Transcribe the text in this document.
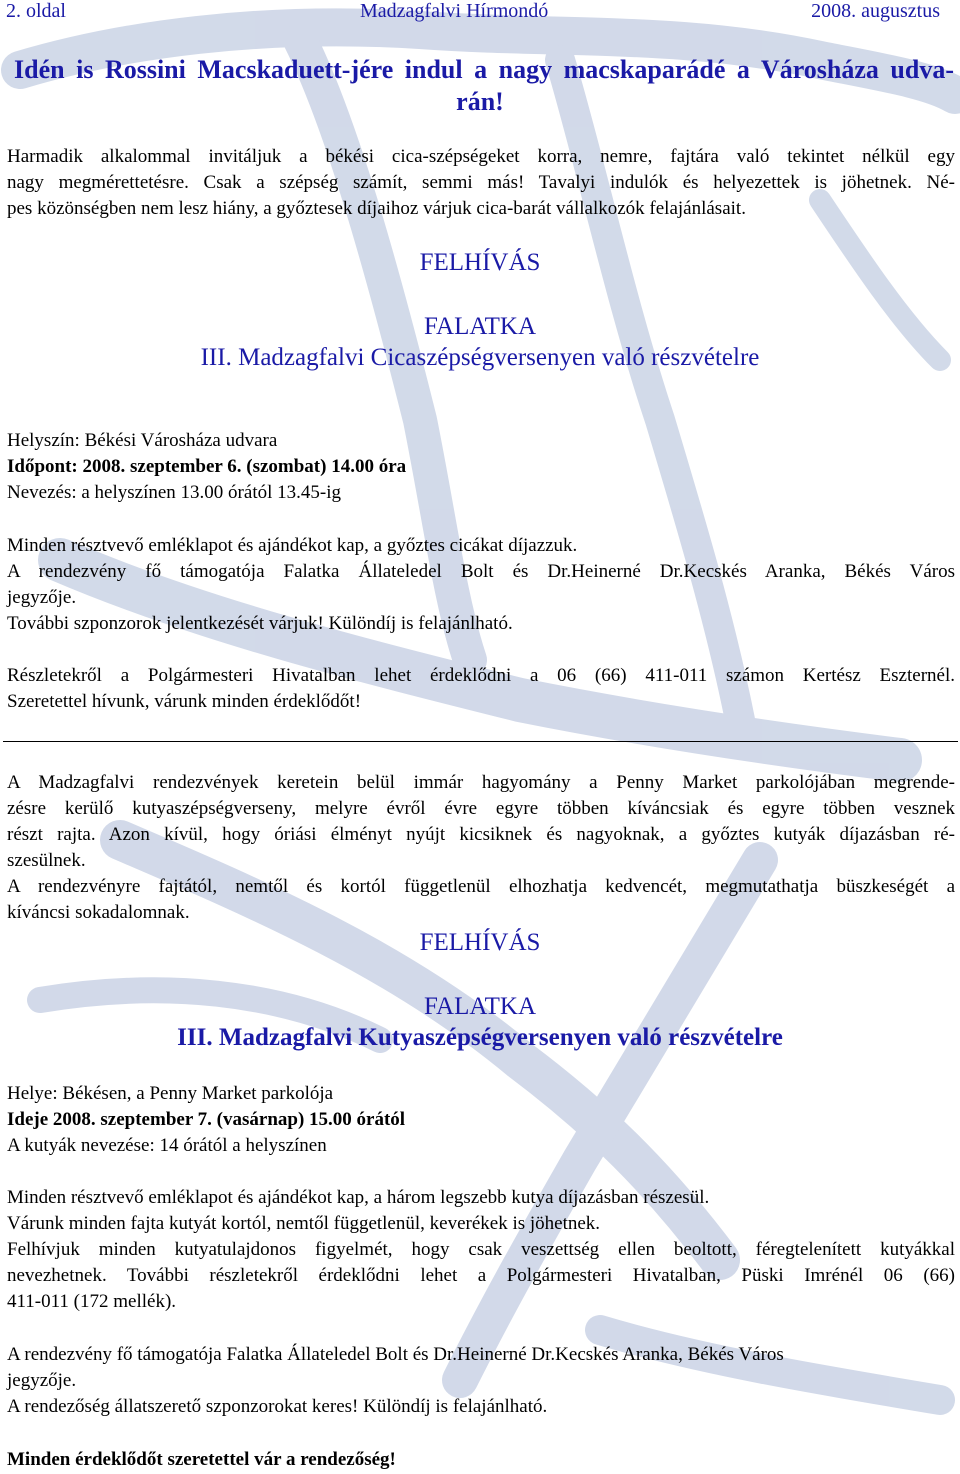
2. oldal	Madzagfalvi Hírmondó	2008. augusztus
Idén is Rossini Macskaduett-jére indul a nagy macskaparádé a Városháza udva-
rán!
Harmadik alkalommal invitáljuk a békési cica-szépségeket korra, nemre, fajtára való tekintet nélkül egy
nagy megmérettetésre. Csak a szépség számít, semmi más! Tavalyi indulók és helyezettek is jöhetnek. Né-
pes közönségben nem lesz hiány, a győztesek díjaihoz várjuk cica-barát vállalkozók felajánlásait.
FELHÍVÁS
FALATKA
III. Madzagfalvi Cicaszépségversenyen való részvételre
Helyszín: Békési Városháza udvara
Időpont: 2008. szeptember 6. (szombat) 14.00 óra
Nevezés: a helyszínen 13.00 órától 13.45-ig
Minden résztvevő emléklapot és ajándékot kap, a győztes cicákat díjazzuk.
A rendezvény fő támogatója Falatka Állateledel Bolt és Dr.Heinerné Dr.Kecskés Aranka, Békés Város
jegyzője.
További szponzorok jelentkezését várjuk! Különdíj is felajánlható.
Részletekről a Polgármesteri Hivatalban lehet érdeklődni a 06 (66) 411-011 számon Kertész Eszternél.
Szeretettel hívunk, várunk minden érdeklődőt!
A Madzagfalvi rendezvények keretein belül immár hagyomány a Penny Market parkolójában megrende-
zésre kerülő kutyaszépségverseny, melyre évről évre egyre többen kíváncsiak és egyre többen vesznek
részt rajta. Azon kívül, hogy óriási élményt nyújt kicsiknek és nagyoknak, a győztes kutyák díjazásban ré-
szesülnek.
A rendezvényre fajtától, nemtől és kortól függetlenül elhozhatja kedvencét, megmutathatja büszkeségét a
kíváncsi sokadalomnak.
FELHÍVÁS
FALATKA
III. Madzagfalvi Kutyaszépségversenyen való részvételre
Helye: Békésen, a Penny Market parkolója
Ideje 2008. szeptember 7. (vasárnap) 15.00 órától
A kutyák nevezése: 14 órától a helyszínen
Minden résztvevő emléklapot és ajándékot kap, a három legszebb kutya díjazásban részesül.
Várunk minden fajta kutyát kortól, nemtől függetlenül, keverékek is jöhetnek.
Felhívjuk minden kutyatulajdonos figyelmét, hogy csak veszettség ellen beoltott, féregtelenített kutyákkal
nevezhetnek. További részletekről érdeklődni lehet a Polgármesteri Hivatalban, Püski Imrénél 06 (66)
411-011 (172 mellék).
A rendezvény fő támogatója Falatka Állateledel Bolt és Dr.Heinerné Dr.Kecskés Aranka, Békés Város
jegyzője.
A rendezőség állatszerető szponzorokat keres! Különdíj is felajánlható.
Minden érdeklődőt szeretettel vár a rendezőség!
